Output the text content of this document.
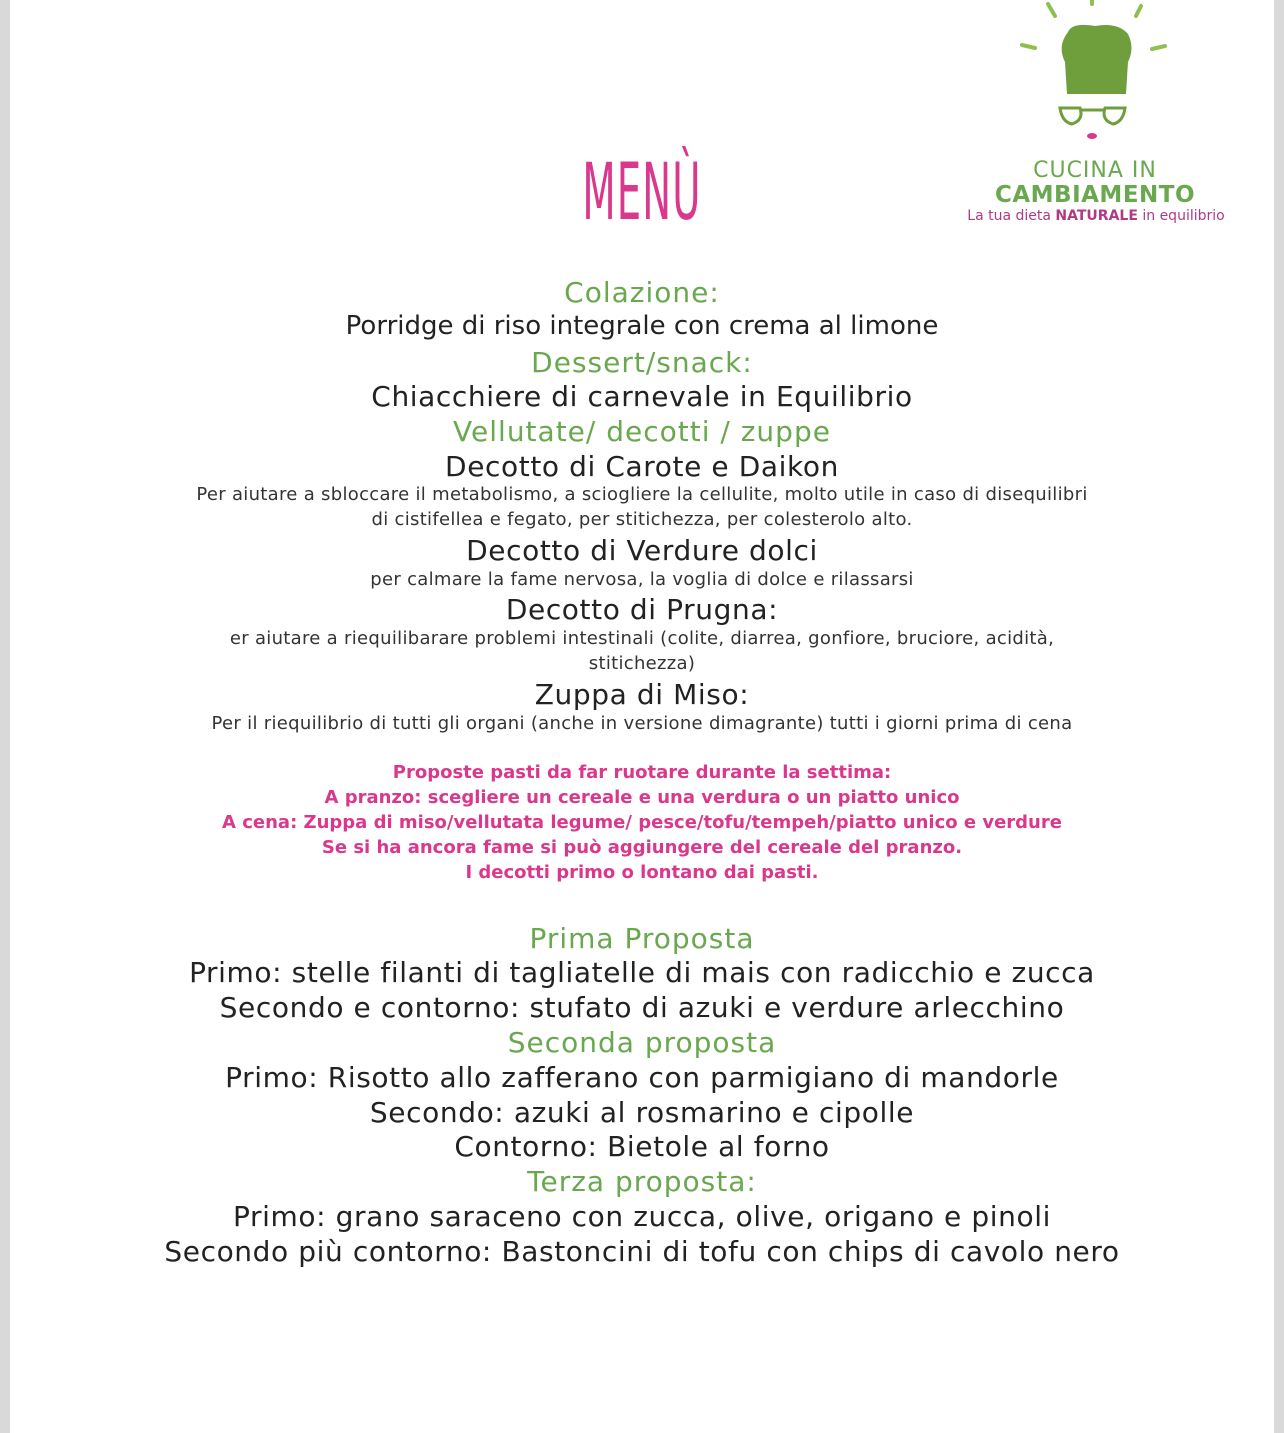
CUCINA IN
CAMBIAMENTO
La tua dieta NATURALE in equilibrio
MENÙ
Colazione:
Porridge di riso integrale con crema al limone
Dessert/snack:
Chiacchiere di carnevale in Equilibrio
Vellutate/ decotti / zuppe
Decotto di Carote e Daikon
Per aiutare a sbloccare il metabolismo, a sciogliere la cellulite, molto utile in caso di disequilibri
di cistifellea e fegato, per stitichezza, per colesterolo alto.
Decotto di Verdure dolci
per calmare la fame nervosa, la voglia di dolce e rilassarsi
Decotto di Prugna:
er aiutare a riequilibarare problemi intestinali (colite, diarrea, gonfiore, bruciore, acidità,
stitichezza)
Zuppa di Miso:
Per il riequilibrio di tutti gli organi (anche in versione dimagrante) tutti i giorni prima di cena
Proposte pasti da far ruotare durante la settima:
A pranzo: scegliere un cereale e una verdura o un piatto unico
A cena: Zuppa di miso/vellutata legume/ pesce/tofu/tempeh/piatto unico e verdure
Se si ha ancora fame si può aggiungere del cereale del pranzo.
I decotti primo o lontano dai pasti.
Prima Proposta
Primo: stelle filanti di tagliatelle di mais con radicchio e zucca
Secondo e contorno: stufato di azuki e verdure arlecchino
Seconda proposta
Primo: Risotto allo zafferano con parmigiano di mandorle
Secondo: azuki al rosmarino e cipolle
Contorno: Bietole al forno
Terza proposta:
Primo: grano saraceno con zucca, olive, origano e pinoli
Secondo più contorno: Bastoncini di tofu con chips di cavolo nero
